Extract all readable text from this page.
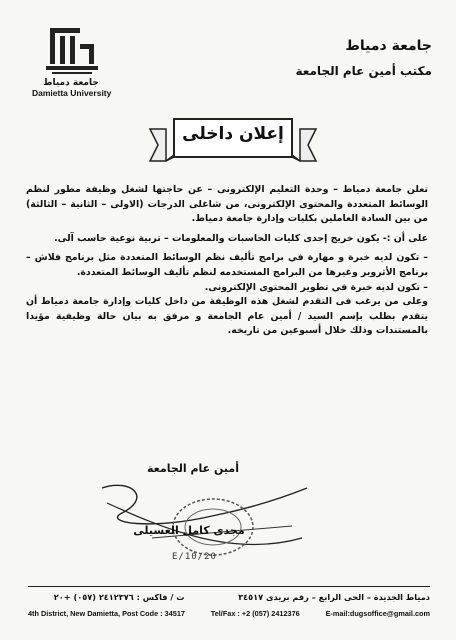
جامعة دمياط
Damietta University
جامعة دمياط
مكتب أمين عام الجامعة
إعلان داخلى

تعلن جامعة دمياط – وحدة التعليم الإلكترونى – عن حاجتها لشغل وظيفة مطور لنظم الوسائط المتعددة والمحتوى الإلكترونى، من شاغلى الدرجات (الاولى – الثانية – الثالثة) من بين السادة العاملين بكليات وإدارة جامعة دمياط.

على أن :- يكون خريج إحدى كليات الحاسبات والمعلومات – تربية نوعية حاسب آلى.

– تكون لديه خبرة و مهارة في برامج تأليف نظم الوسائط المتعددة مثل برنامج فلاش – برنامج الأثروير وغيرها من البرامج المستخدمه لنظم تأليف الوسائط المتعددة.

– تكون لديه خبرة في تطوير المحتوى الإلكترونى.

وعلى من يرغب فى التقدم لشغل هذه الوظيفة من داخل كليات وإدارة جامعة دمياط أن يتقدم بطلب بإسم السيد / أمين عام الجامعة و مرفق به بيان حالة وظيفية مؤيدا بالمستندات وذلك خلال أسبوعين من تاريخه.

أمين عام الجامعة
مجدى كامل العسيلى
E/10/20
دمياط الجديدة – الحى الرابع – رقم بريدى ٣٤٥١٧  ت / فاكس : ٢٤١٢٣٧٦ (٠٥٧) +٢٠
4th District, New Damietta, Post Code : 34517	Tel/Fax : +2 (057) 2412376	E-mail:dugsoffice@gmail.com
